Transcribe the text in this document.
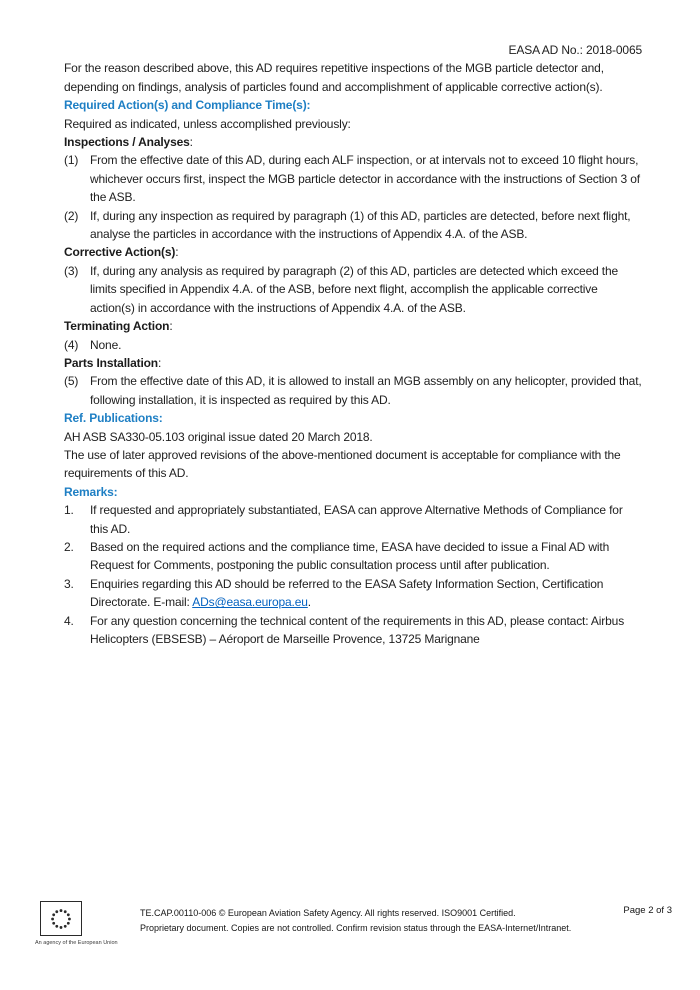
EASA AD No.: 2018-0065

For the reason described above, this AD requires repetitive inspections of the MGB particle detector and, depending on findings, analysis of particles found and accomplishment of applicable corrective action(s).

Required Action(s) and Compliance Time(s):
Required as indicated, unless accomplished previously:
Inspections / Analyses:
(1) From the effective date of this AD, during each ALF inspection, or at intervals not to exceed 10 flight hours, whichever occurs first, inspect the MGB particle detector in accordance with the instructions of Section 3 of the ASB.
(2) If, during any inspection as required by paragraph (1) of this AD, particles are detected, before next flight, analyse the particles in accordance with the instructions of Appendix 4.A. of the ASB.
Corrective Action(s):
(3) If, during any analysis as required by paragraph (2) of this AD, particles are detected which exceed the limits specified in Appendix 4.A. of the ASB, before next flight, accomplish the applicable corrective action(s) in accordance with the instructions of Appendix 4.A. of the ASB.
Terminating Action:
(4) None.
Parts Installation:
(5) From the effective date of this AD, it is allowed to install an MGB assembly on any helicopter, provided that, following installation, it is inspected as required by this AD.
Ref. Publications:
AH ASB SA330-05.103 original issue dated 20 March 2018.

The use of later approved revisions of the above-mentioned document is acceptable for compliance with the requirements of this AD.

Remarks:
1.	If requested and appropriately substantiated, EASA can approve Alternative Methods of Compliance for this AD.
2.	Based on the required actions and the compliance time, EASA have decided to issue a Final AD with Request for Comments, postponing the public consultation process until after publication.
3.	Enquiries regarding this AD should be referred to the EASA Safety Information Section, Certification Directorate. E-mail: ADs@easa.europa.eu.
4.	For any question concerning the technical content of the requirements in this AD, please contact: Airbus Helicopters (EBSESB) – Aéroport de Marseille Provence, 13725 Marignane
An agency of the European Union
TE.CAP.00110-006 © European Aviation Safety Agency. All rights reserved. ISO9001 Certified.
Proprietary document. Copies are not controlled. Confirm revision status through the EASA-Internet/Intranet.
Page 2 of 3
